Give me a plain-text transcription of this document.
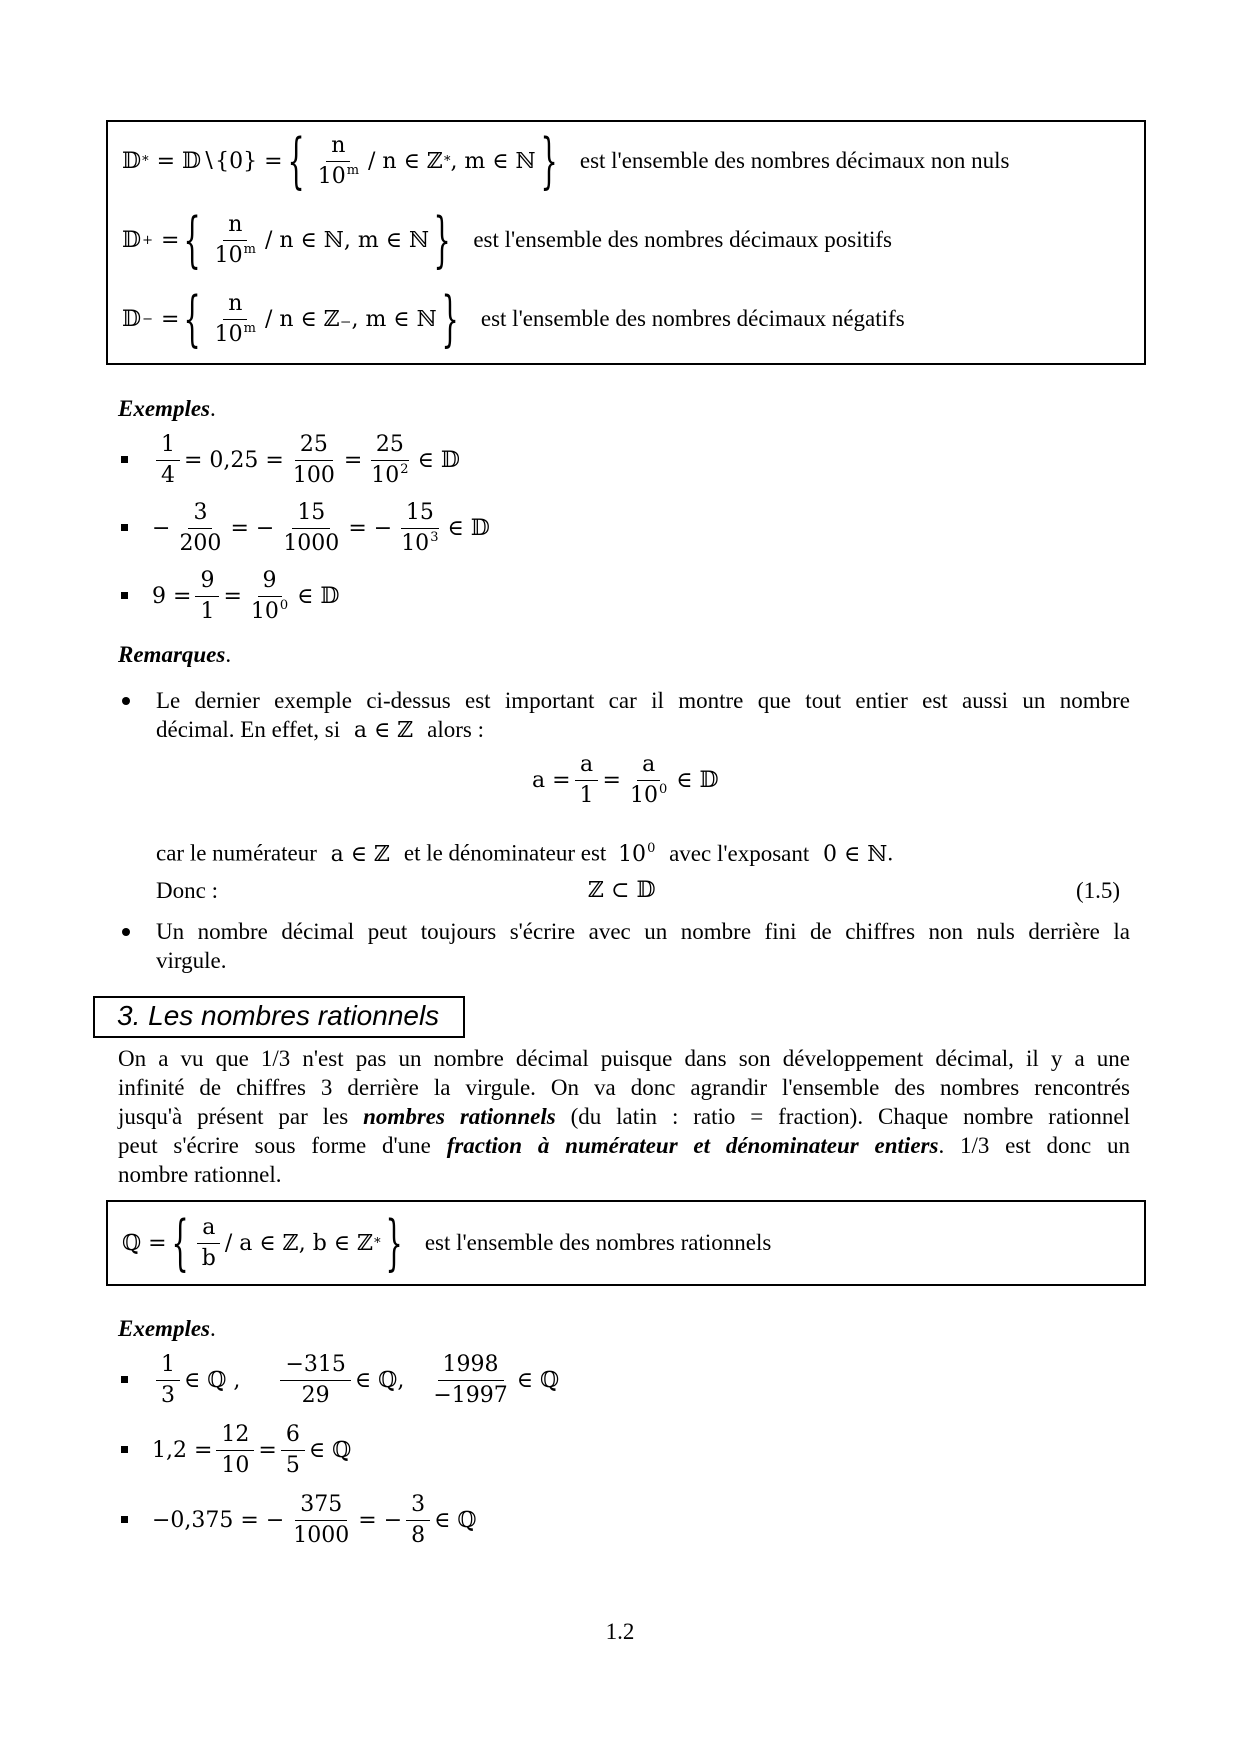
𝔻 * = 𝔻∖{0} = { $\frac{n}{10^m}$ / n ∈ ℤ * , m ∈ ℕ } est l'ensemble des nombres décimaux non nuls
𝔻 + = { $\frac{n}{10^m}$ / n ∈ ℕ, m ∈ ℕ } est l'ensemble des nombres décimaux positifs
𝔻 − = { $\frac{n}{10^m}$ / n ∈ ℤ₋, m ∈ ℕ } est l'ensemble des nombres décimaux négatifs
Exemples.
$\frac{1}{4} = 0,25 = \frac{25}{100} = \frac{25}{10^2}$ ∈ 𝔻
− $\frac{3}{200}$ = − $\frac{15}{1000}$ = − $\frac{15}{10^3}$ ∈ 𝔻
$9 = \frac{9}{1} = \frac{9}{10^0}$ ∈ 𝔻
Remarques.
Le dernier exemple ci-dessus est important car il montre que tout entier est aussi un nombre
décimal. En effet, si a ∈ ℤ alors :
$a = \frac{a}{1} = \frac{a}{10^0}$ ∈ 𝔻
car le numérateur a ∈ ℤ et le dénominateur est $10^0$ avec l'exposant 0 ∈ ℕ.
Donc :	ℤ ⊂ 𝔻	(1.5)
Un nombre décimal peut toujours s'écrire avec un nombre fini de chiffres non nuls derrière la
virgule.
3. Les nombres rationnels
On a vu que 1/3 n'est pas un nombre décimal puisque dans son développement décimal, il y a une
infinité de chiffres 3 derrière la virgule. On va donc agrandir l'ensemble des nombres rencontrés
jusqu'à présent par les nombres rationnels (du latin : ratio = fraction). Chaque nombre rationnel
peut s'écrire sous forme d'une fraction à numérateur et dénominateur entiers. 1/3 est donc un
nombre rationnel.
ℚ = { $\frac{a}{b}$ / a ∈ ℤ, b ∈ ℤ * } est l'ensemble des nombres rationnels
Exemples.
$\frac{1}{3}$ ∈ ℚ , $\frac{-315}{29}$ ∈ ℚ, $\frac{1998}{-1997}$ ∈ ℚ
$1,2 = \frac{12}{10} = \frac{6}{5}$ ∈ ℚ
−0,375 = − $\frac{375}{1000}$ = − $\frac{3}{8}$ ∈ ℚ
1.2
